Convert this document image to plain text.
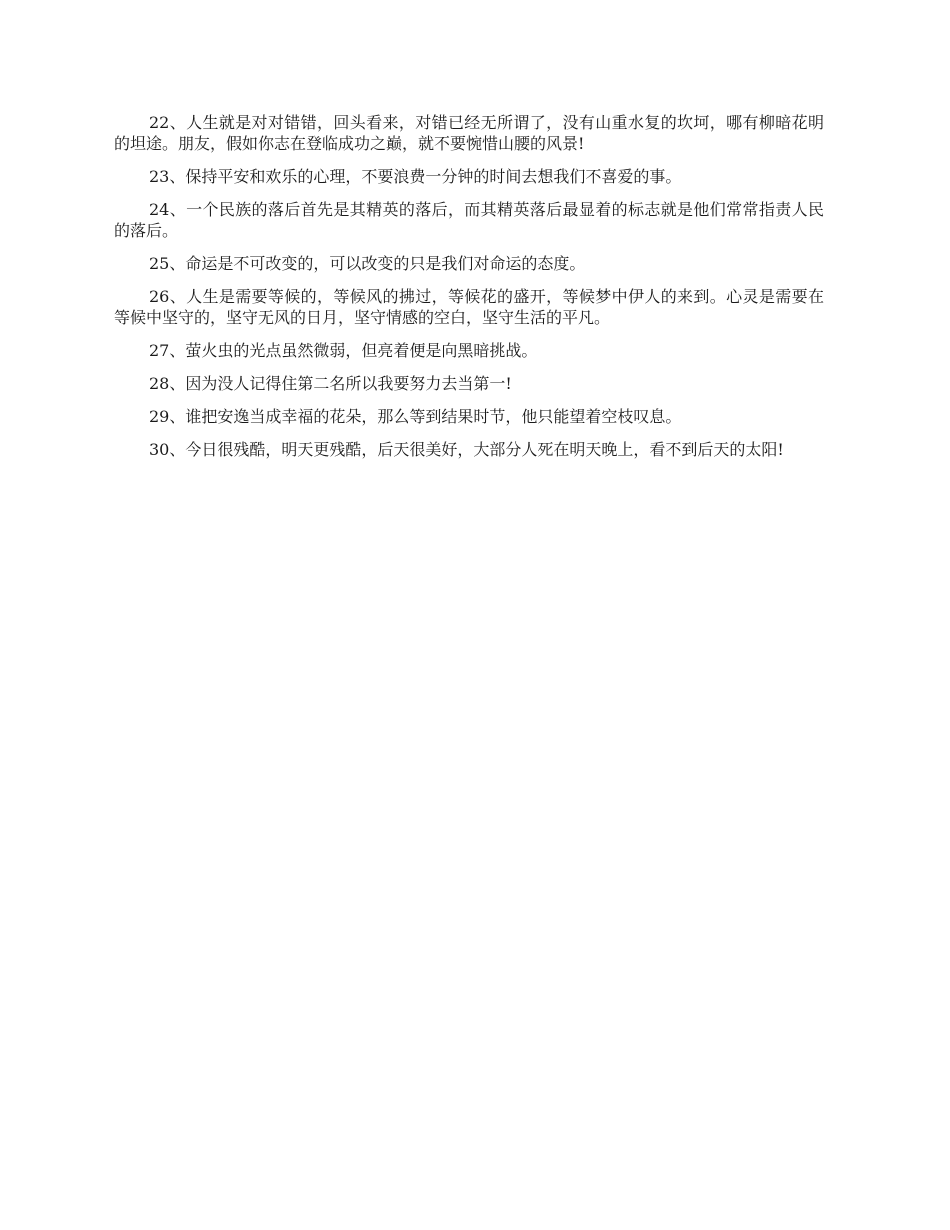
22、人生就是对对错错，回头看来，对错已经无所谓了，没有山重水复的坎坷，哪有柳暗花明的坦途。朋友，假如你志在登临成功之巅，就不要惋惜山腰的风景!

23、保持平安和欢乐的心理，不要浪费一分钟的时间去想我们不喜爱的事。

24、一个民族的落后首先是其精英的落后，而其精英落后最显着的标志就是他们常常指责人民的落后。

25、命运是不可改变的，可以改变的只是我们对命运的态度。

26、人生是需要等候的，等候风的拂过，等候花的盛开，等候梦中伊人的来到。心灵是需要在等候中坚守的，坚守无风的日月，坚守情感的空白，坚守生活的平凡。

27、萤火虫的光点虽然微弱，但亮着便是向黑暗挑战。

28、因为没人记得住第二名所以我要努力去当第一!

29、谁把安逸当成幸福的花朵，那么等到结果时节，他只能望着空枝叹息。

30、今日很残酷，明天更残酷，后天很美好，大部分人死在明天晚上，看不到后天的太阳!
